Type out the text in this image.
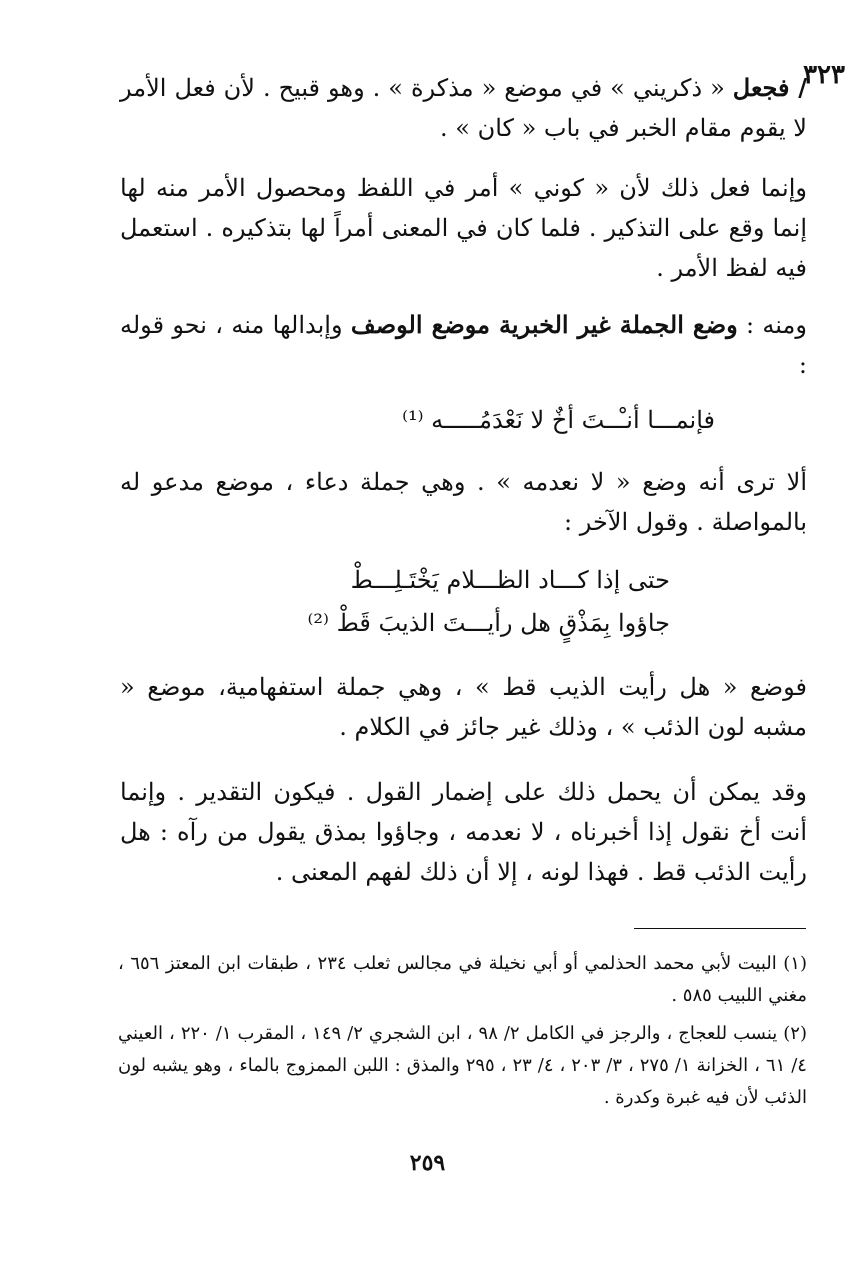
٣٢٣

/ فجعل « ذكريني » في موضع « مذكرة » . وهو قبيح . لأن فعل الأمر لا يقوم مقام الخبر في باب « كان » .

وإنما فعل ذلك لأن « كوني » أمر في اللفظ ومحصول الأمر منه لها إنما وقع على التذكير . فلما كان في المعنى أمراً لها بتذكيره . استعمل فيه لفظ الأمر .

ومنه : وضع الجملة غير الخبرية موضع الوصف وإبدالها منه ، نحو قوله :

فإنمـــا أنـْــتَ أخٌ لا نَعْدَمُـــــه ⁽¹⁾

ألا ترى أنه وضع « لا نعدمه » . وهي جملة دعاء ، موضع مدعو له بالمواصلة . وقول الآخر :

حتى إذا كـــاد الظـــلام يَخْتَـلِـــطْ
جاؤوا بِمَذْقٍ هل رأيـــتَ الذيبَ قَطْ ⁽²⁾

فوضع « هل رأيت الذيب قط » ، وهي جملة استفهامية، موضع « مشبه لون الذئب » ، وذلك غير جائز في الكلام .

وقد يمكن أن يحمل ذلك على إضمار القول . فيكون التقدير . وإنما أنت أخ نقول إذا أخبرناه ، لا نعدمه ، وجاؤوا بمذق يقول من رآه : هل رأيت الذئب قط . فهذا لونه ، إلا أن ذلك لفهم المعنى .

(١) البيت لأبي محمد الحذلمي أو أبي نخيلة في مجالس ثعلب ٢٣٤ ، طبقات ابن المعتز ٦٥٦ ، مغني اللبيب ٥٨٥ .

(٢) ينسب للعجاج ، والرجز في الكامل ٢/ ٩٨ ، ابن الشجري ٢/ ١٤٩ ، المقرب ١/ ٢٢٠ ، العيني ٤/ ٦١ ، الخزانة ١/ ٢٧٥ ، ٣/ ٢٠٣ ، ٤/ ٢٣ ، ٢٩٥ والمذق : اللبن الممزوج بالماء ، وهو يشبه لون الذئب لأن فيه غبرة وكدرة .

٢٥٩
